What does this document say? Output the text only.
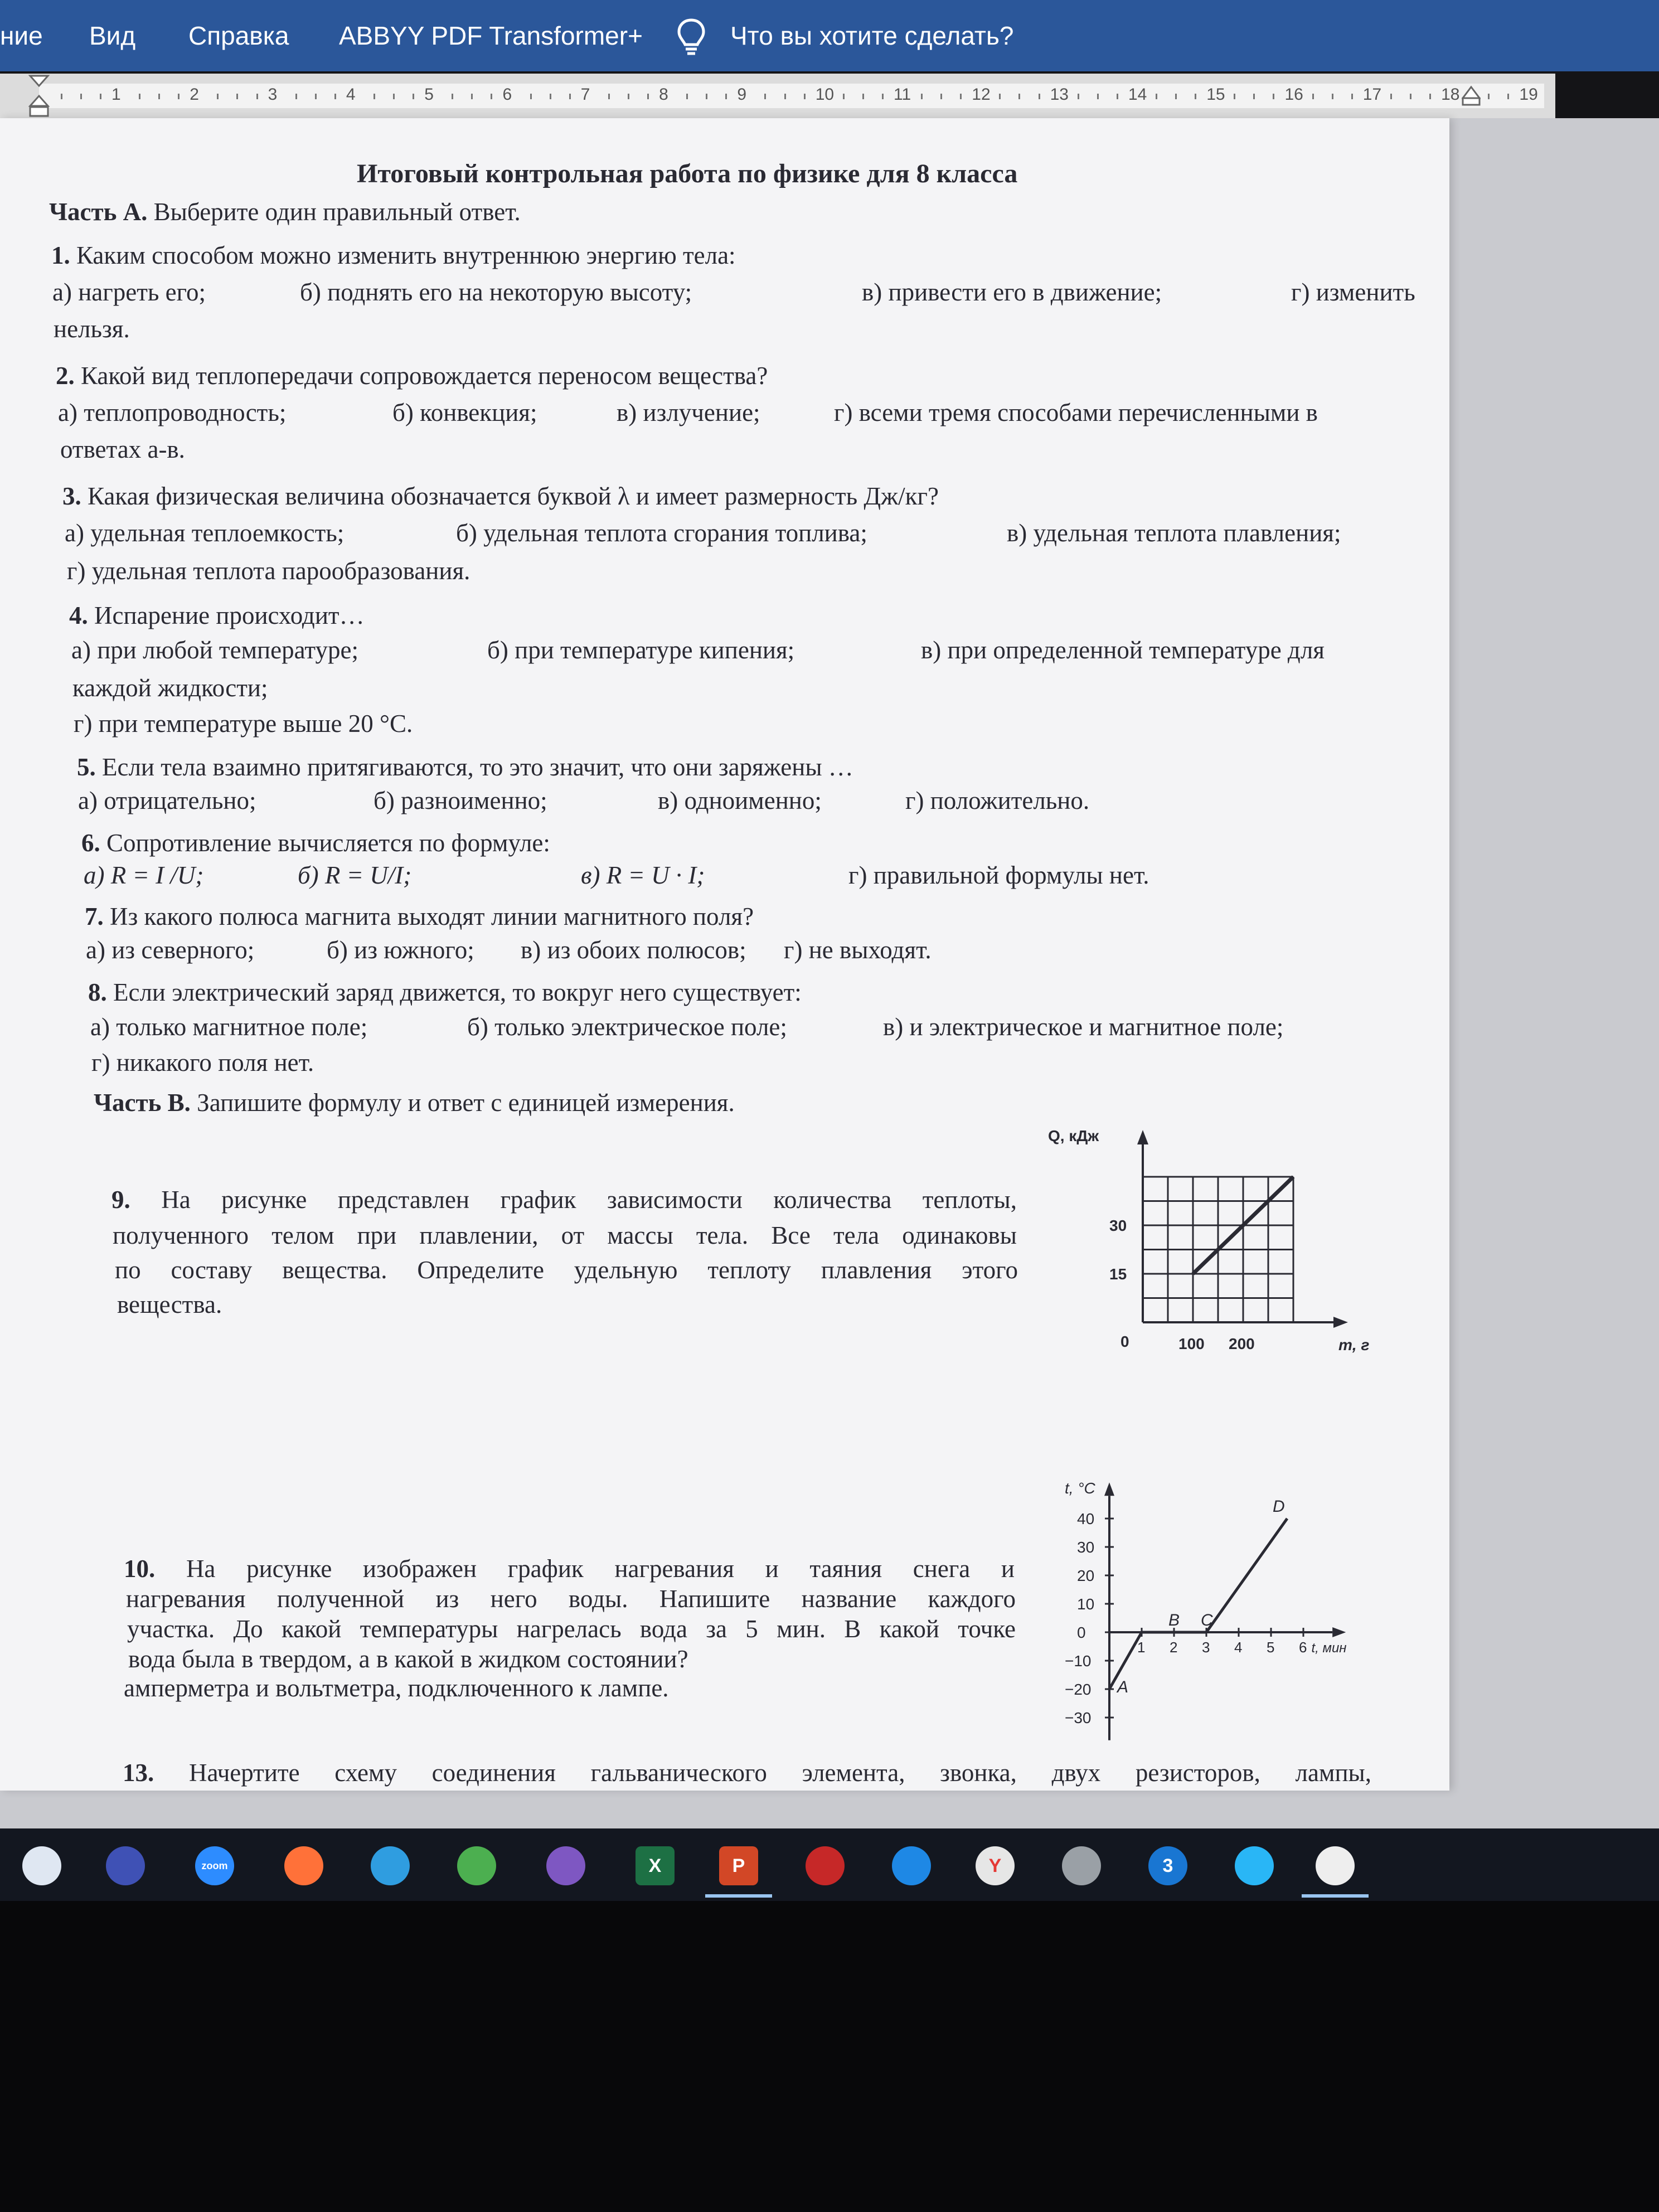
ние Вид Справка ABBYY PDF Transformer+	Что вы хотите сделать?
1	2	3	4	5	6	7	8	9	10	11	12	13	14	15	16	17	18	19
Итоговый контрольная работа по физике для 8 класса
Часть А. Выберите один правильный ответ.
1. Каким способом можно изменить внутреннюю энергию тела:
а) нагреть его;	б) поднять его на некоторую высоту;	в) привести его в движение;	г) изменить
нельзя.
2. Какой вид теплопередачи сопровождается переносом вещества?
а) теплопроводность;	б) конвекция;	в) излучение;	г) всеми тремя способами перечисленными в
ответах а-в.
3. Какая физическая величина обозначается буквой λ и имеет размерность Дж/кг?
а) удельная теплоемкость;	б) удельная теплота сгорания топлива;	в) удельная теплота плавления;
г) удельная теплота парообразования.
4. Испарение происходит…
а) при любой температуре;	б) при температуре кипения;	в) при определенной температуре для
каждой жидкости;
г) при температуре выше 20 °С.
5. Если тела взаимно притягиваются, то это значит, что они заряжены …
а) отрицательно;	б) разноименно;	в) одноименно;	г) положительно.
6. Сопротивление вычисляется по формуле:
а) R = I /U;	б) R = U/I;	в) R = U · I;	г) правильной формулы нет.
7. Из какого полюса магнита выходят линии магнитного поля?
а) из северного;	б) из южного; в) из обоих полюсов; г) не выходят.
8. Если электрический заряд движется, то вокруг него существует:
а) только магнитное поле;	б) только электрическое поле;	в) и электрическое и магнитное поле;
г) никакого поля нет.
Часть В. Запишите формулу и ответ с единицей измерения.
9. На рисунке представлен график зависимости количества теплоты,
полученного телом при плавлении, от массы тела. Все тела одинаковы
по составу вещества. Определите удельную теплоту плавления этого
вещества.
Q, кДж
m, г
0	100 200
15
30
10. На рисунке изображен график нагревания и таяния снега и
нагревания полученной из него воды. Напишите название каждого
участка. До какой температуры нагрелась вода за 5 мин. В какой точке
вода была в твердом, а в какой в жидком состоянии?
40
30
20
10
0
−10
−20
−30
1 2 3 4 5 6
A
B C
D
t, °С
t, мин
13. Начертите схему соединения гальванического элемента, звонка, двух резисторов, лампы,
амперметра и вольтметра, подключенного к лампе.
zoom	X	P	Y	3
